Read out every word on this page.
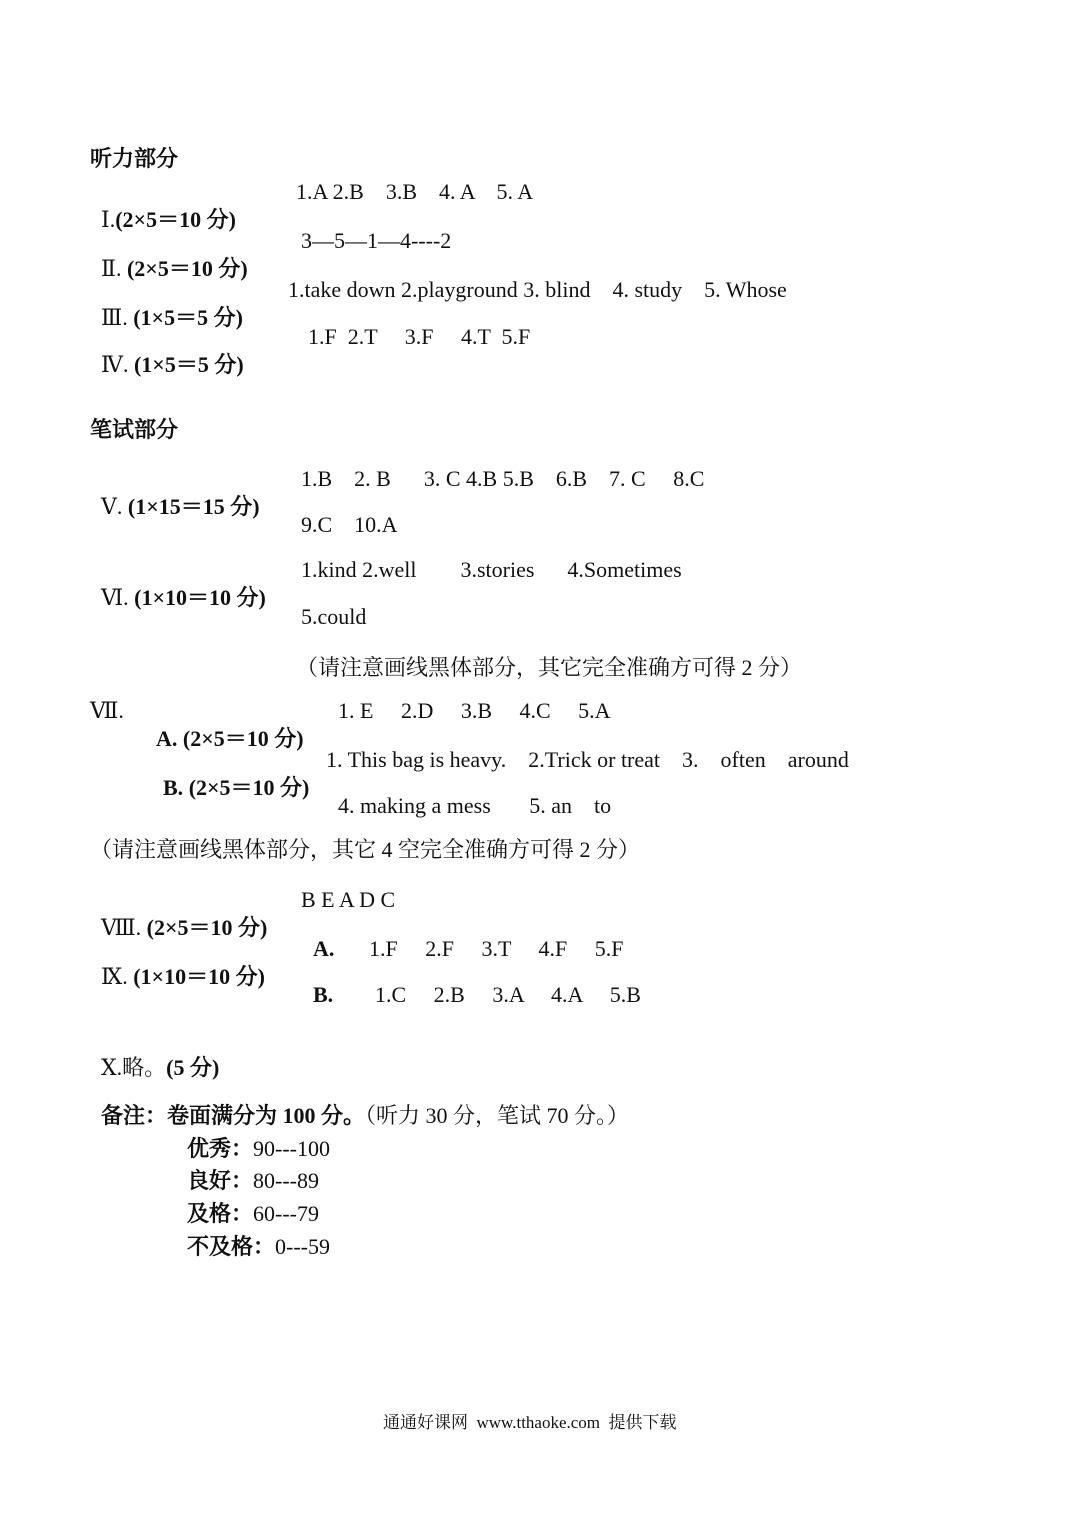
听力部分

Ⅰ.(2×5＝10 分)

1.A 2.B    3.B    4. A    5. A

Ⅱ. (2×5＝10 分)

3—5—1—4----2

Ⅲ. (1×5＝5 分)

1.take down 2.playground 3. blind    4. study    5. Whose

Ⅳ. (1×5＝5 分)

1.F  2.T     3.F     4.T  5.F
笔试部分

Ⅴ. (1×15＝15 分)

1.B    2. B      3. C 4.B 5.B    6.B    7. C     8.C
9.C    10.A

Ⅵ. (1×10＝10 分)

1.kind 2.well        3.stories      4.Sometimes
5.could
（请注意画线黑体部分，其它完全准确方可得 2 分）
Ⅶ.

A. (2×5＝10 分)

1. E     2.D     3.B     4.C     5.A

B. (2×5＝10 分)

1. This bag is heavy.    2.Trick or treat    3.    often    around
4. making a mess       5. an    to
（请注意画线黑体部分，其它 4 空完全准确方可得 2 分）

Ⅷ. (2×5＝10 分)

B E A D C

Ⅸ. (1×10＝10 分)

A. 1.F     2.F     3.T     4.F     5.F
B. 1.C     2.B     3.A     4.A     5.B

Ⅹ.略。(5 分)

备注：卷面满分为 100 分。（听力 30 分，笔试 70 分。）

优秀：90---100

良好：80---89

及格：60---79

不及格：0---59

通通好课网  www.tthaoke.com  提供下载
